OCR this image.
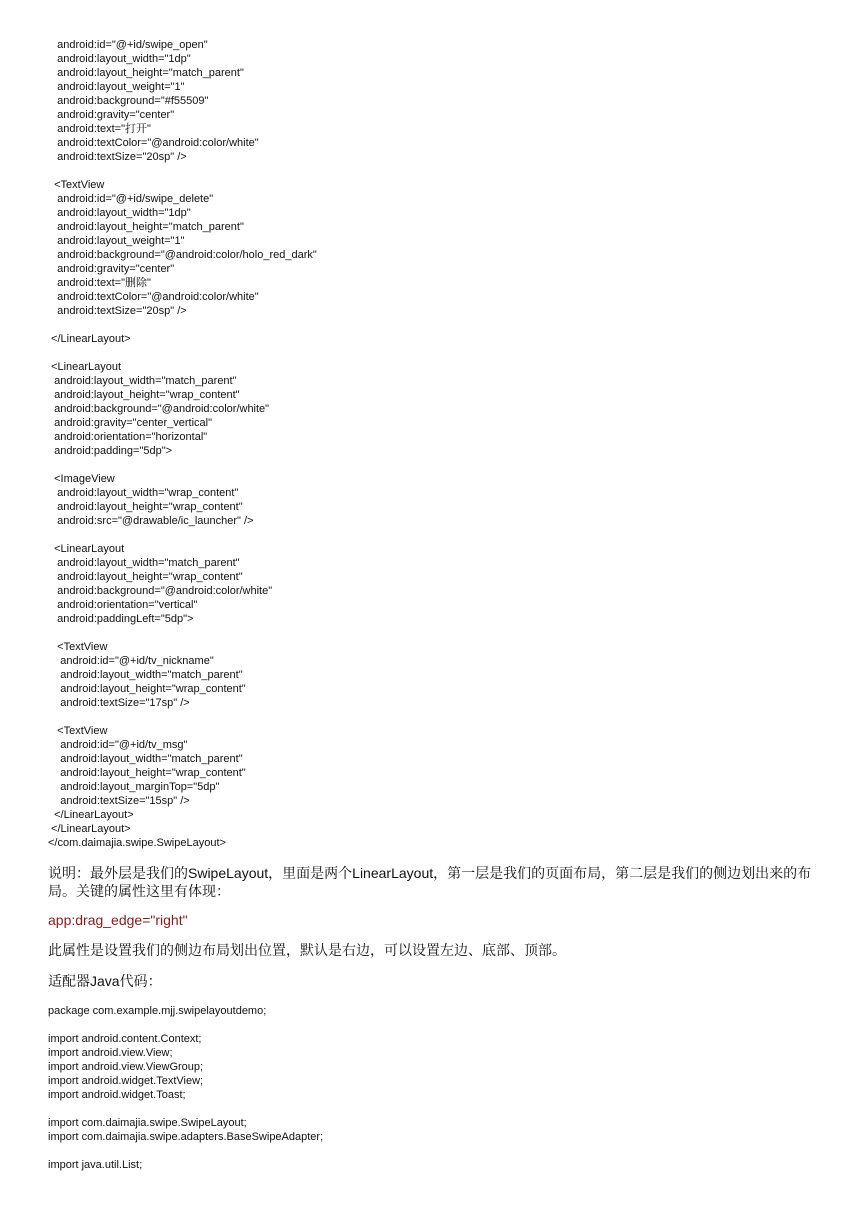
android:id="@+id/swipe_open"
android:layout_width="1dp"
android:layout_height="match_parent"
android:layout_weight="1"
android:background="#f55509"
android:gravity="center"
android:text="打开"
android:textColor="@android:color/white"
android:textSize="20sp" />
<TextView
android:id="@+id/swipe_delete"
android:layout_width="1dp"
android:layout_height="match_parent"
android:layout_weight="1"
android:background="@android:color/holo_red_dark"
android:gravity="center"
android:text="删除"
android:textColor="@android:color/white"
android:textSize="20sp" />
</LinearLayout>
<LinearLayout
android:layout_width="match_parent"
android:layout_height="wrap_content"
android:background="@android:color/white"
android:gravity="center_vertical"
android:orientation="horizontal"
android:padding="5dp">
<ImageView
android:layout_width="wrap_content"
android:layout_height="wrap_content"
android:src="@drawable/ic_launcher" />
<LinearLayout
android:layout_width="match_parent"
android:layout_height="wrap_content"
android:background="@android:color/white"
android:orientation="vertical"
android:paddingLeft="5dp">
<TextView
android:id="@+id/tv_nickname"
android:layout_width="match_parent"
android:layout_height="wrap_content"
android:textSize="17sp" />
<TextView
android:id="@+id/tv_msg"
android:layout_width="match_parent"
android:layout_height="wrap_content"
android:layout_marginTop="5dp"
android:textSize="15sp" />
</LinearLayout>
</LinearLayout>
</com.daimajia.swipe.SwipeLayout>
说明：最外层是我们的SwipeLayout，里面是两个LinearLayout，第一层是我们的页面布局，第二层是我们的侧边划出来的布局。关键的属性这里有体现：
app:drag_edge="right"
此属性是设置我们的侧边布局划出位置，默认是右边，可以设置左边、底部、顶部。
适配器Java代码：
package com.example.mjj.swipelayoutdemo;
import android.content.Context;
import android.view.View;
import android.view.ViewGroup;
import android.widget.TextView;
import android.widget.Toast;
import com.daimajia.swipe.SwipeLayout;
import com.daimajia.swipe.adapters.BaseSwipeAdapter;
import java.util.List;
